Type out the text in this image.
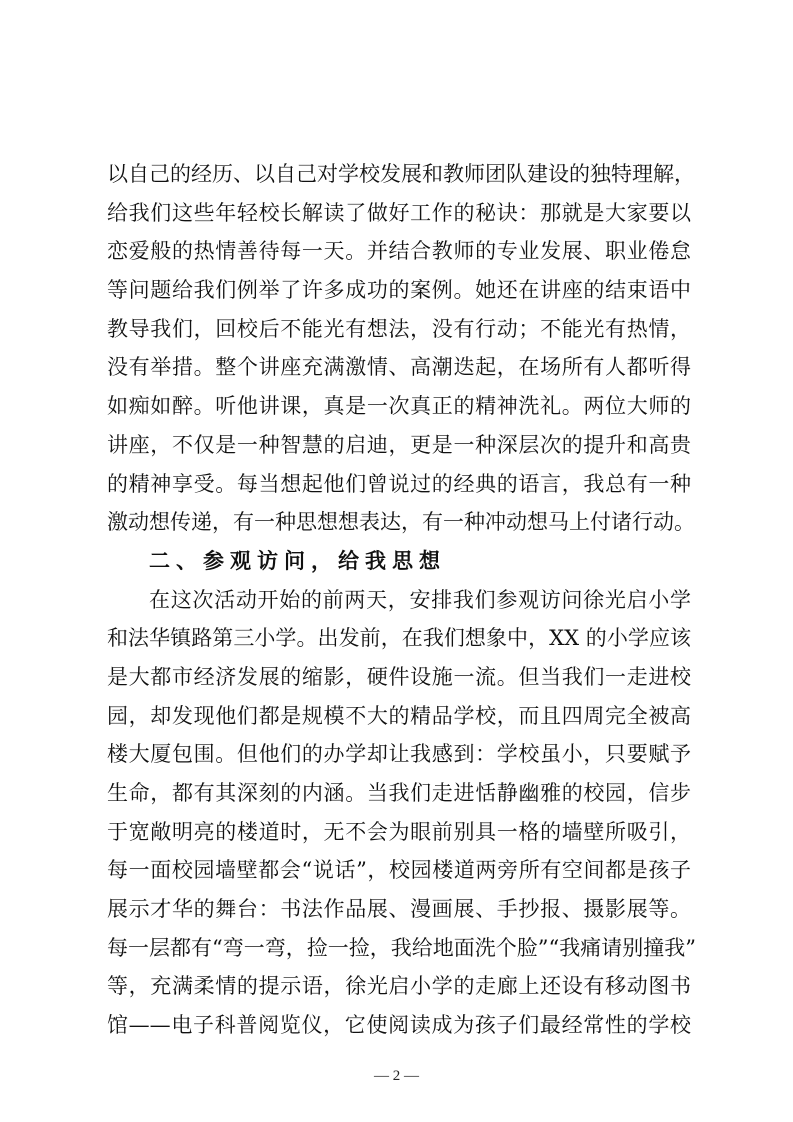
以自己的经历、以自己对学校发展和教师团队建设的独特理解，
给我们这些年轻校长解读了做好工作的秘诀：那就是大家要以
恋爱般的热情善待每一天。并结合教师的专业发展、职业倦怠
等问题给我们例举了许多成功的案例。她还在讲座的结束语中
教导我们，回校后不能光有想法，没有行动；不能光有热情，
没有举措。整个讲座充满激情、高潮迭起，在场所有人都听得
如痴如醉。听他讲课，真是一次真正的精神洗礼。两位大师的
讲座，不仅是一种智慧的启迪，更是一种深层次的提升和高贵
的精神享受。每当想起他们曾说过的经典的语言，我总有一种
激动想传递，有一种思想想表达，有一种冲动想马上付诸行动。
二、参观访问，给我思想
在这次活动开始的前两天，安排我们参观访问徐光启小学
和法华镇路第三小学。出发前，在我们想象中，XX 的小学应该
是大都市经济发展的缩影，硬件设施一流。但当我们一走进校
园，却发现他们都是规模不大的精品学校，而且四周完全被高
楼大厦包围。但他们的办学却让我感到：学校虽小，只要赋予
生命，都有其深刻的内涵。当我们走进恬静幽雅的校园，信步
于宽敞明亮的楼道时，无不会为眼前别具一格的墙壁所吸引，
每一面校园墙壁都会“说话”，校园楼道两旁所有空间都是孩子
展示才华的舞台：书法作品展、漫画展、手抄报、摄影展等。
每一层都有“弯一弯，捡一捡，我给地面洗个脸”“我痛请别撞我”
等，充满柔情的提示语，徐光启小学的走廊上还设有移动图书
馆——电子科普阅览仪，它使阅读成为孩子们最经常性的学校
— 2 —
